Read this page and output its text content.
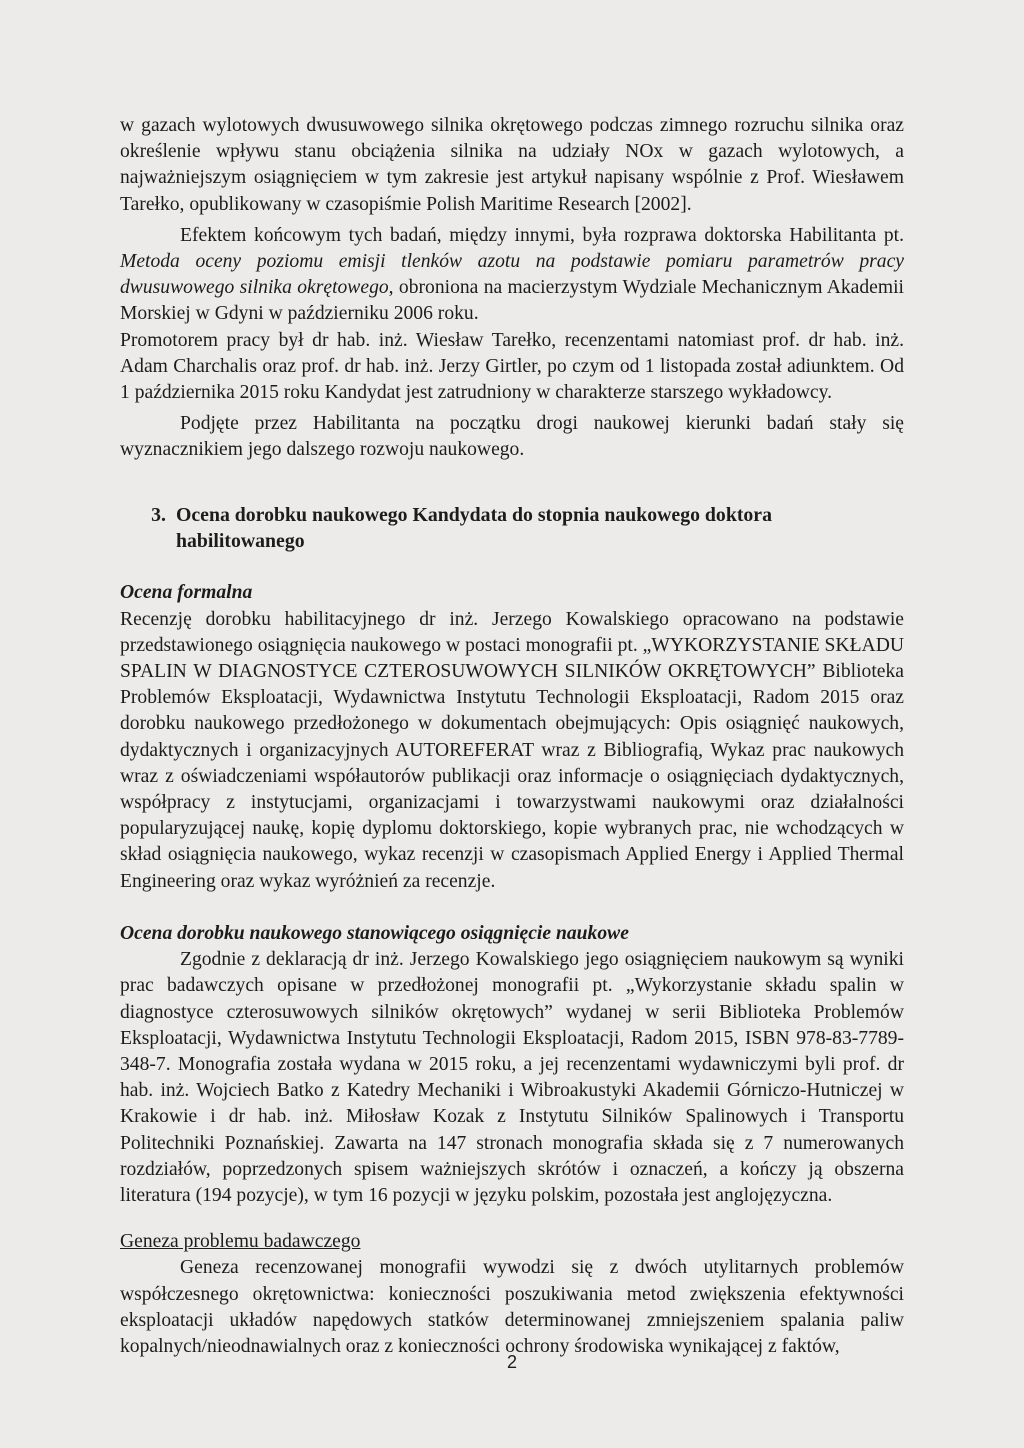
w gazach wylotowych dwusuwowego silnika okrętowego podczas zimnego rozruchu silnika oraz określenie wpływu stanu obciążenia silnika na udziały NOx w gazach wylotowych, a najważniejszym osiągnięciem w tym zakresie jest artykuł napisany wspólnie z Prof. Wiesławem Tarełko, opublikowany w czasopiśmie Polish Maritime Research [2002].

Efektem końcowym tych badań, między innymi, była rozprawa doktorska Habilitanta pt. Metoda oceny poziomu emisji tlenków azotu na podstawie pomiaru parametrów pracy dwusuwowego silnika okrętowego, obroniona na macierzystym Wydziale Mechanicznym Akademii Morskiej w Gdyni w październiku 2006 roku.

Promotorem pracy był dr hab. inż. Wiesław Tarełko, recenzentami natomiast prof. dr hab. inż. Adam Charchalis oraz prof. dr hab. inż. Jerzy Girtler, po czym od 1 listopada został adiunktem. Od 1 października 2015 roku Kandydat jest zatrudniony w charakterze starszego wykładowcy.

Podjęte przez Habilitanta na początku drogi naukowej kierunki badań stały się wyznacznikiem jego dalszego rozwoju naukowego.

3. Ocena dorobku naukowego Kandydata do stopnia naukowego doktora habilitowanego

Ocena formalna

Recenzję dorobku habilitacyjnego dr inż. Jerzego Kowalskiego opracowano na podstawie przedstawionego osiągnięcia naukowego w postaci monografii pt. „WYKORZYSTANIE SKŁADU SPALIN W DIAGNOSTYCE CZTEROSUWOWYCH SILNIKÓW OKRĘTOWYCH” Biblioteka Problemów Eksploatacji, Wydawnictwa Instytutu Technologii Eksploatacji, Radom 2015 oraz dorobku naukowego przedłożonego w dokumentach obejmujących: Opis osiągnięć naukowych, dydaktycznych i organizacyjnych AUTOREFERAT wraz z Bibliografią, Wykaz prac naukowych wraz z oświadczeniami współautorów publikacji oraz informacje o osiągnięciach dydaktycznych, współpracy z instytucjami, organizacjami i towarzystwami naukowymi oraz działalności popularyzującej naukę, kopię dyplomu doktorskiego, kopie wybranych prac, nie wchodzących w skład osiągnięcia naukowego, wykaz recenzji w czasopismach Applied Energy i Applied Thermal Engineering oraz wykaz wyróżnień za recenzje.

Ocena dorobku naukowego stanowiącego osiągnięcie naukowe

Zgodnie z deklaracją dr inż. Jerzego Kowalskiego jego osiągnięciem naukowym są wyniki prac badawczych opisane w przedłożonej monografii pt. „Wykorzystanie składu spalin w diagnostyce czterosuwowych silników okrętowych” wydanej w serii Biblioteka Problemów Eksploatacji, Wydawnictwa Instytutu Technologii Eksploatacji, Radom 2015, ISBN 978-83-7789-348-7. Monografia została wydana w 2015 roku, a jej recenzentami wydawniczymi byli prof. dr hab. inż. Wojciech Batko z Katedry Mechaniki i Wibroakustyki Akademii Górniczo-Hutniczej w Krakowie i dr hab. inż. Miłosław Kozak z Instytutu Silników Spalinowych i Transportu Politechniki Poznańskiej. Zawarta na 147 stronach monografia składa się z 7 numerowanych rozdziałów, poprzedzonych spisem ważniejszych skrótów i oznaczeń, a kończy ją obszerna literatura (194 pozycje), w tym 16 pozycji w języku polskim, pozostała jest anglojęzyczna.

Geneza problemu badawczego

Geneza recenzowanej monografii wywodzi się z dwóch utylitarnych problemów współczesnego okrętownictwa: konieczności poszukiwania metod zwiększenia efektywności eksploatacji układów napędowych statków determinowanej zmniejszeniem spalania paliw kopalnych/nieodnawialnych oraz z konieczności ochrony środowiska wynikającej z faktów,

2
